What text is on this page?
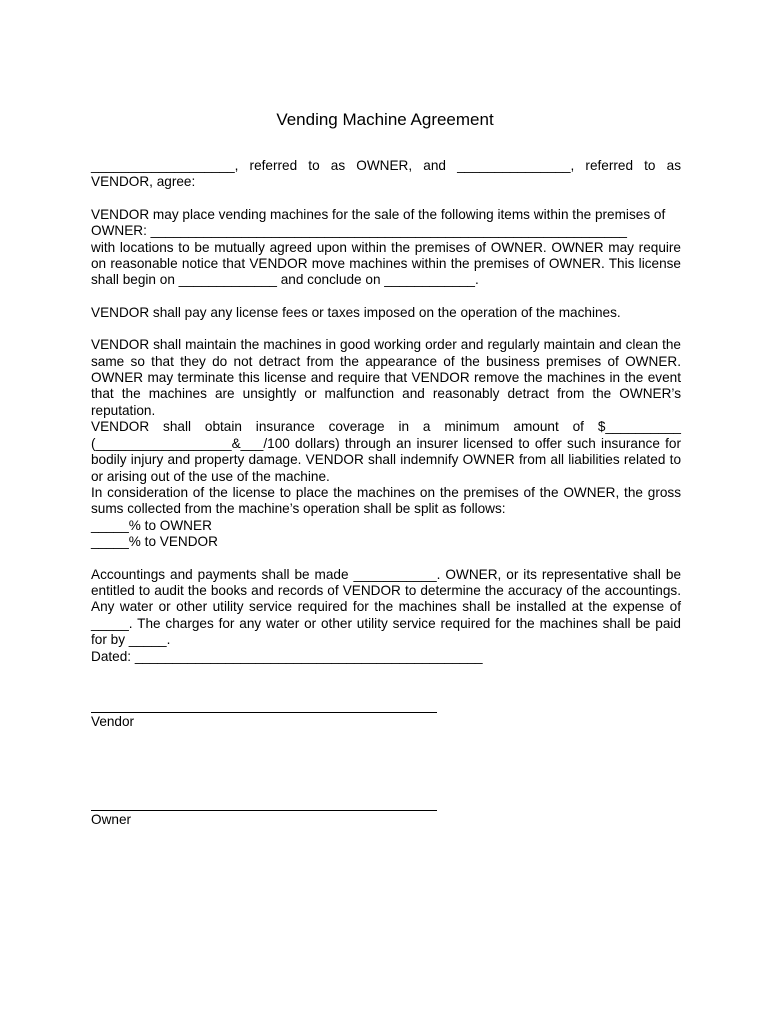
Vending Machine Agreement

___________________, referred to as OWNER, and _______________, referred to as

VENDOR, agree:

VENDOR may place vending machines for the sale of the following items within the premises of

OWNER: _______________________________________________________________

with locations to be mutually agreed upon within the premises of OWNER. OWNER may require on reasonable notice that VENDOR move machines within the premises of OWNER. This license shall begin on _____________ and conclude on ____________.

VENDOR shall pay any license fees or taxes imposed on the operation of the machines.

VENDOR shall maintain the machines in good working order and regularly maintain and clean the same so that they do not detract from the appearance of the business premises of OWNER. OWNER may terminate this license and require that VENDOR remove the machines in the event that the machines are unsightly or malfunction and reasonably detract from the OWNER’s reputation.

VENDOR shall obtain insurance coverage in a minimum amount of $__________ (__________________&___/100 dollars) through an insurer licensed to offer such insurance for bodily injury and property damage. VENDOR shall indemnify OWNER from all liabilities related to or arising out of the use of the machine.

In consideration of the license to place the machines on the premises of the OWNER, the gross sums collected from the machine’s operation shall be split as follows:

_____% to OWNER

_____% to VENDOR

Accountings and payments shall be made ___________. OWNER, or its representative shall be entitled to audit the books and records of VENDOR to determine the accuracy of the accountings. Any water or other utility service required for the machines shall be installed at the expense of _____. The charges for any water or other utility service required for the machines shall be paid for by _____.

Dated: ______________________________________________

Vendor
Owner
